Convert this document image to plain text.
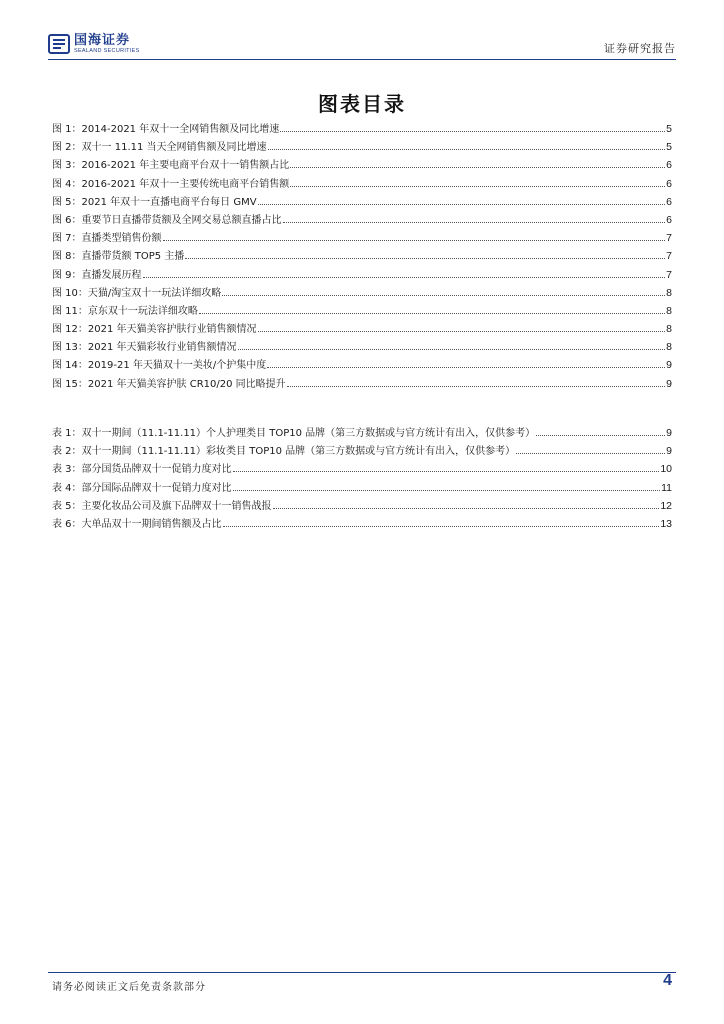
国海证券
SEALAND SECURITIES	证券研究报告
图表目录
图 1：2014-2021 年双十一全网销售额及同比增速	5
图 2：双十一 11.11 当天全网销售额及同比增速	5
图 3：2016-2021 年主要电商平台双十一销售额占比	6
图 4：2016-2021 年双十一主要传统电商平台销售额	6
图 5：2021 年双十一直播电商平台每日 GMV	6
图 6：重要节日直播带货额及全网交易总额直播占比	6
图 7：直播类型销售份额	7
图 8：直播带货额 TOP5 主播	7
图 9：直播发展历程	7
图 10：天猫/淘宝双十一玩法详细攻略	8
图 11：京东双十一玩法详细攻略	8
图 12：2021 年天猫美容护肤行业销售额情况	8
图 13：2021 年天猫彩妆行业销售额情况	8
图 14：2019-21 年天猫双十一美妆/个护集中度	9
图 15：2021 年天猫美容护肤 CR10/20 同比略提升	9
表 1：双十一期间（11.1-11.11）个人护理类目 TOP10 品牌（第三方数据或与官方统计有出入，仅供参考）	9
表 2：双十一期间（11.1-11.11）彩妆类目 TOP10 品牌（第三方数据或与官方统计有出入，仅供参考）	9
表 3：部分国货品牌双十一促销力度对比	10
表 4：部分国际品牌双十一促销力度对比	11
表 5：主要化妆品公司及旗下品牌双十一销售战报	12
表 6：大单品双十一期间销售额及占比	13
请务必阅读正文后免责条款部分	4
